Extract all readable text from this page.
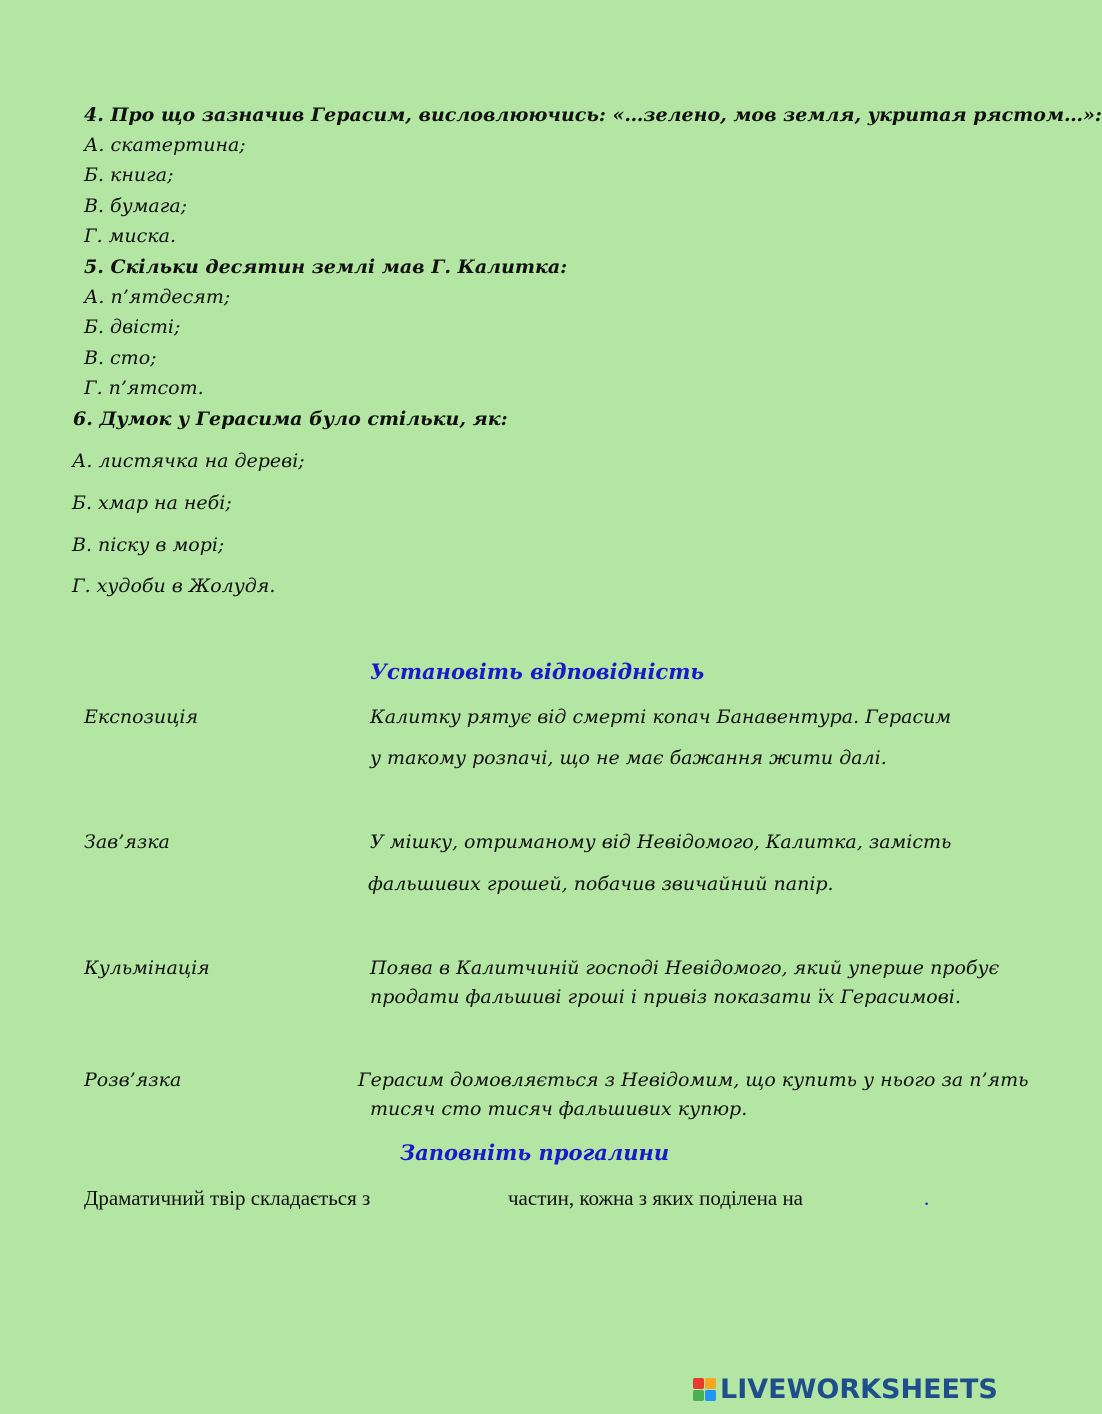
4. Про що зазначив Герасим, висловлюючись: «…зелено, мов земля, укритая рястом…»:
А. скатертина;
Б. книга;
В. бумага;
Г. миска.
5. Скільки десятин землі мав Г. Калитка:
А. п’ятдесят;
Б. двісті;
В. сто;
Г. п’ятсот.
6. Думок у Герасима було стільки, як:
А. листячка на дереві;
Б. хмар на небі;
В. піску в морі;
Г. худоби в Жолудя.
Установіть відповідність
Експозиція	Калитку рятує від смерті копач Банавентура. Герасим
у такому розпачі, що не має бажання жити далі.
Зав’язка	У мішку, отриманому від Невідомого, Калитка, замість
фальшивих грошей, побачив звичайний папір.
Кульмінація	Поява в Калитчиній господі Невідомого, який уперше пробує
продати фальшиві гроші і привіз показати їх Герасимові.
Розв’язка	Герасим домовляється з Невідомим, що купить у нього за п’ять
тисяч сто тисяч фальшивих купюр.
Заповніть прогалини
Драматичний твір складається з	частин, кожна з яких поділена на	.
LIVEWORKSHEETS
